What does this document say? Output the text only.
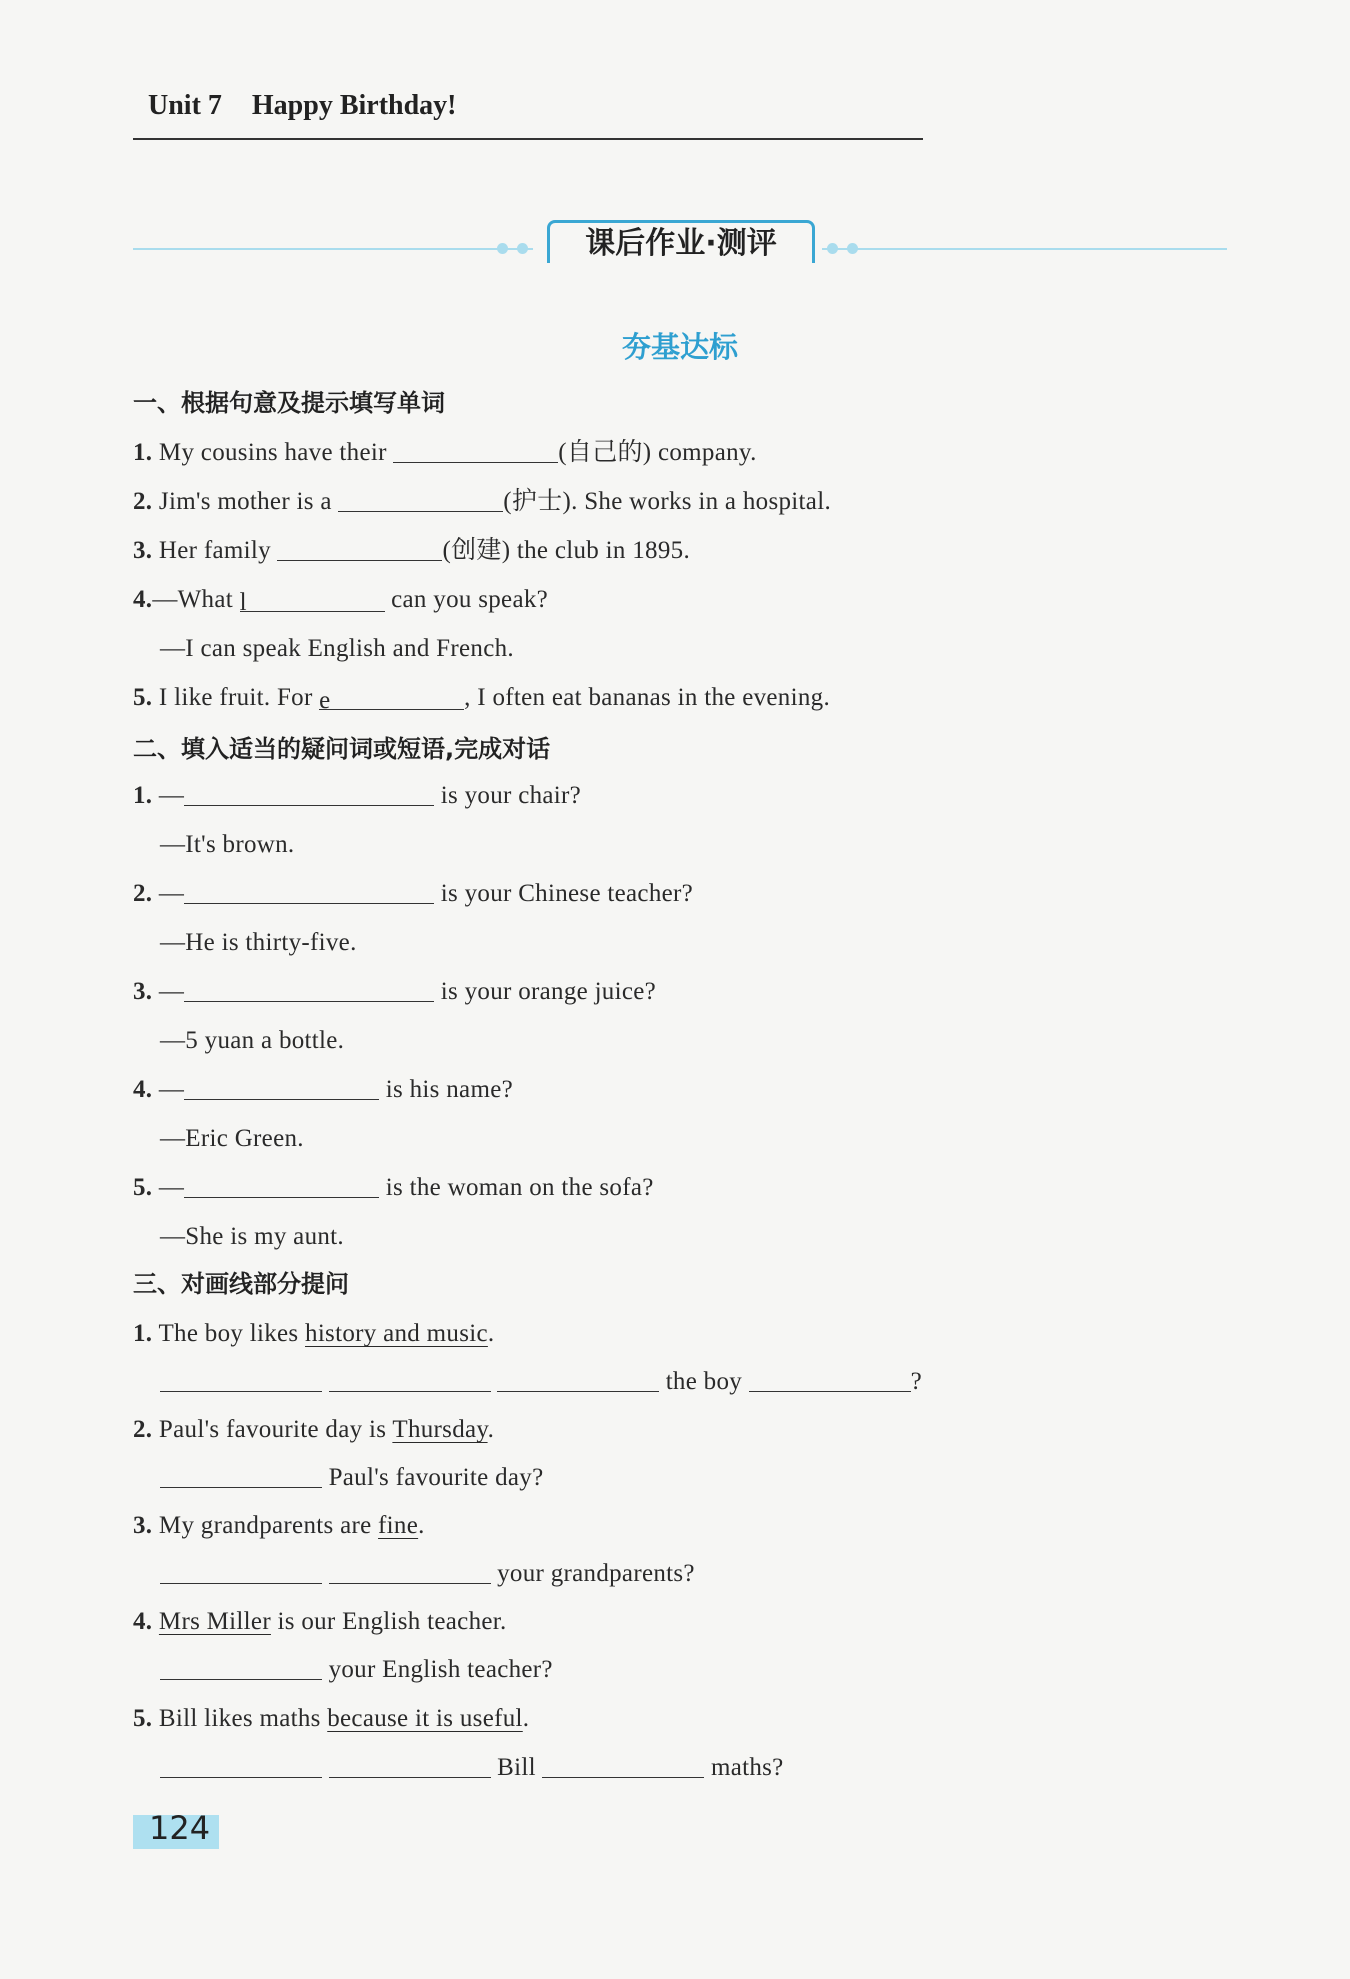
Unit 7 Happy Birthday!
课后作业·测评
夯基达标
一、根据句意及提示填写单词
1. My cousins have their	(自己的) company.
2. Jim's mother is a	(护士). She works in a hospital.
3. Her family	(创建) the club in 1895.
4.—What l	can you speak?
—I can speak English and French.
5. I like fruit. For e	, I often eat bananas in the evening.
二、填入适当的疑问词或短语,完成对话
1. —	is your chair?
—It's brown.
2. —	is your Chinese teacher?
—He is thirty-five.
3. —	is your orange juice?
—5 yuan a bottle.
4. —	is his name?
—Eric Green.
5. —	is the woman on the sofa?
—She is my aunt.
三、对画线部分提问
1. The boy likes history and music.
the boy	?
2. Paul's favourite day is Thursday.
Paul's favourite day?
3. My grandparents are fine.
your grandparents?
4. Mrs Miller is our English teacher.
your English teacher?
5. Bill likes maths because it is useful.
Bill	maths?
124
